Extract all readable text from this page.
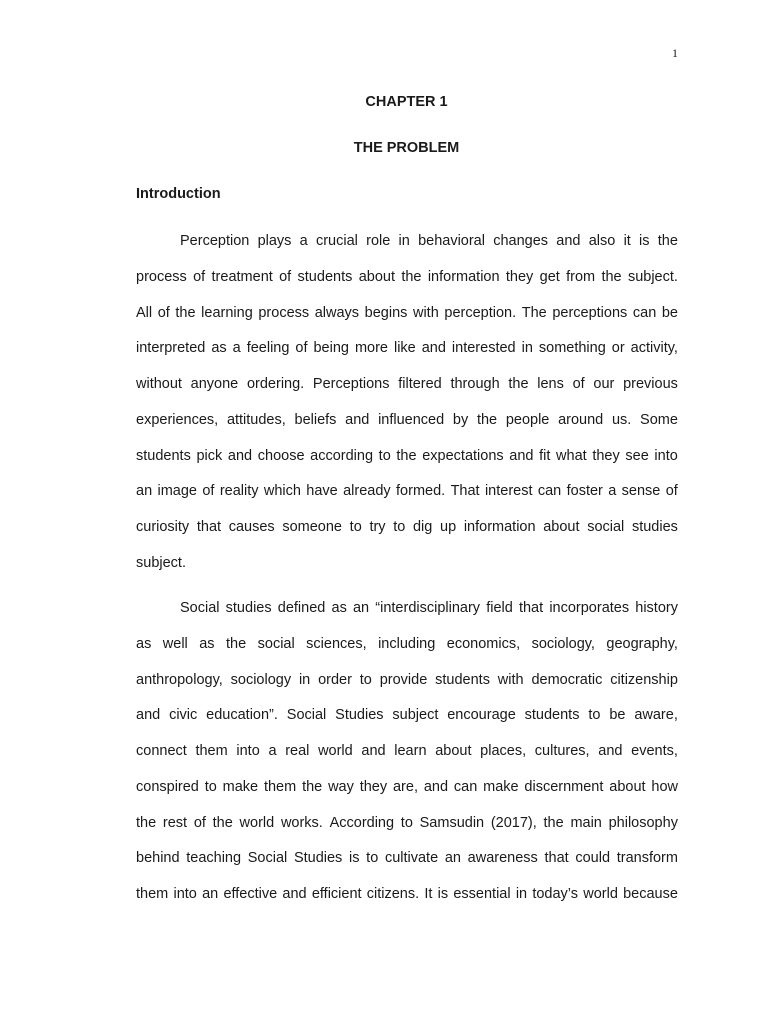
1
CHAPTER 1
THE PROBLEM
Introduction
Perception plays a crucial role in behavioral changes and also it is the
process of treatment of students about the information they get from the subject.
All of the learning process always begins with perception. The perceptions can be
interpreted as a feeling of being more like and interested in something or activity,
without anyone ordering. Perceptions filtered through the lens of our previous
experiences, attitudes, beliefs and influenced by the people around us. Some
students pick and choose according to the expectations and fit what they see into
an image of reality which have already formed. That interest can foster a sense of
curiosity that causes someone to try to dig up information about social studies
subject.
Social studies defined as an “interdisciplinary field that incorporates history
as well as the social sciences, including economics, sociology, geography,
anthropology, sociology in order to provide students with democratic citizenship
and civic education”. Social Studies subject encourage students to be aware,
connect them into a real world and learn about places, cultures, and events,
conspired to make them the way they are, and can make discernment about how
the rest of the world works. According to Samsudin (2017), the main philosophy
behind teaching Social Studies is to cultivate an awareness that could transform
them into an effective and efficient citizens. It is essential in today’s world because
